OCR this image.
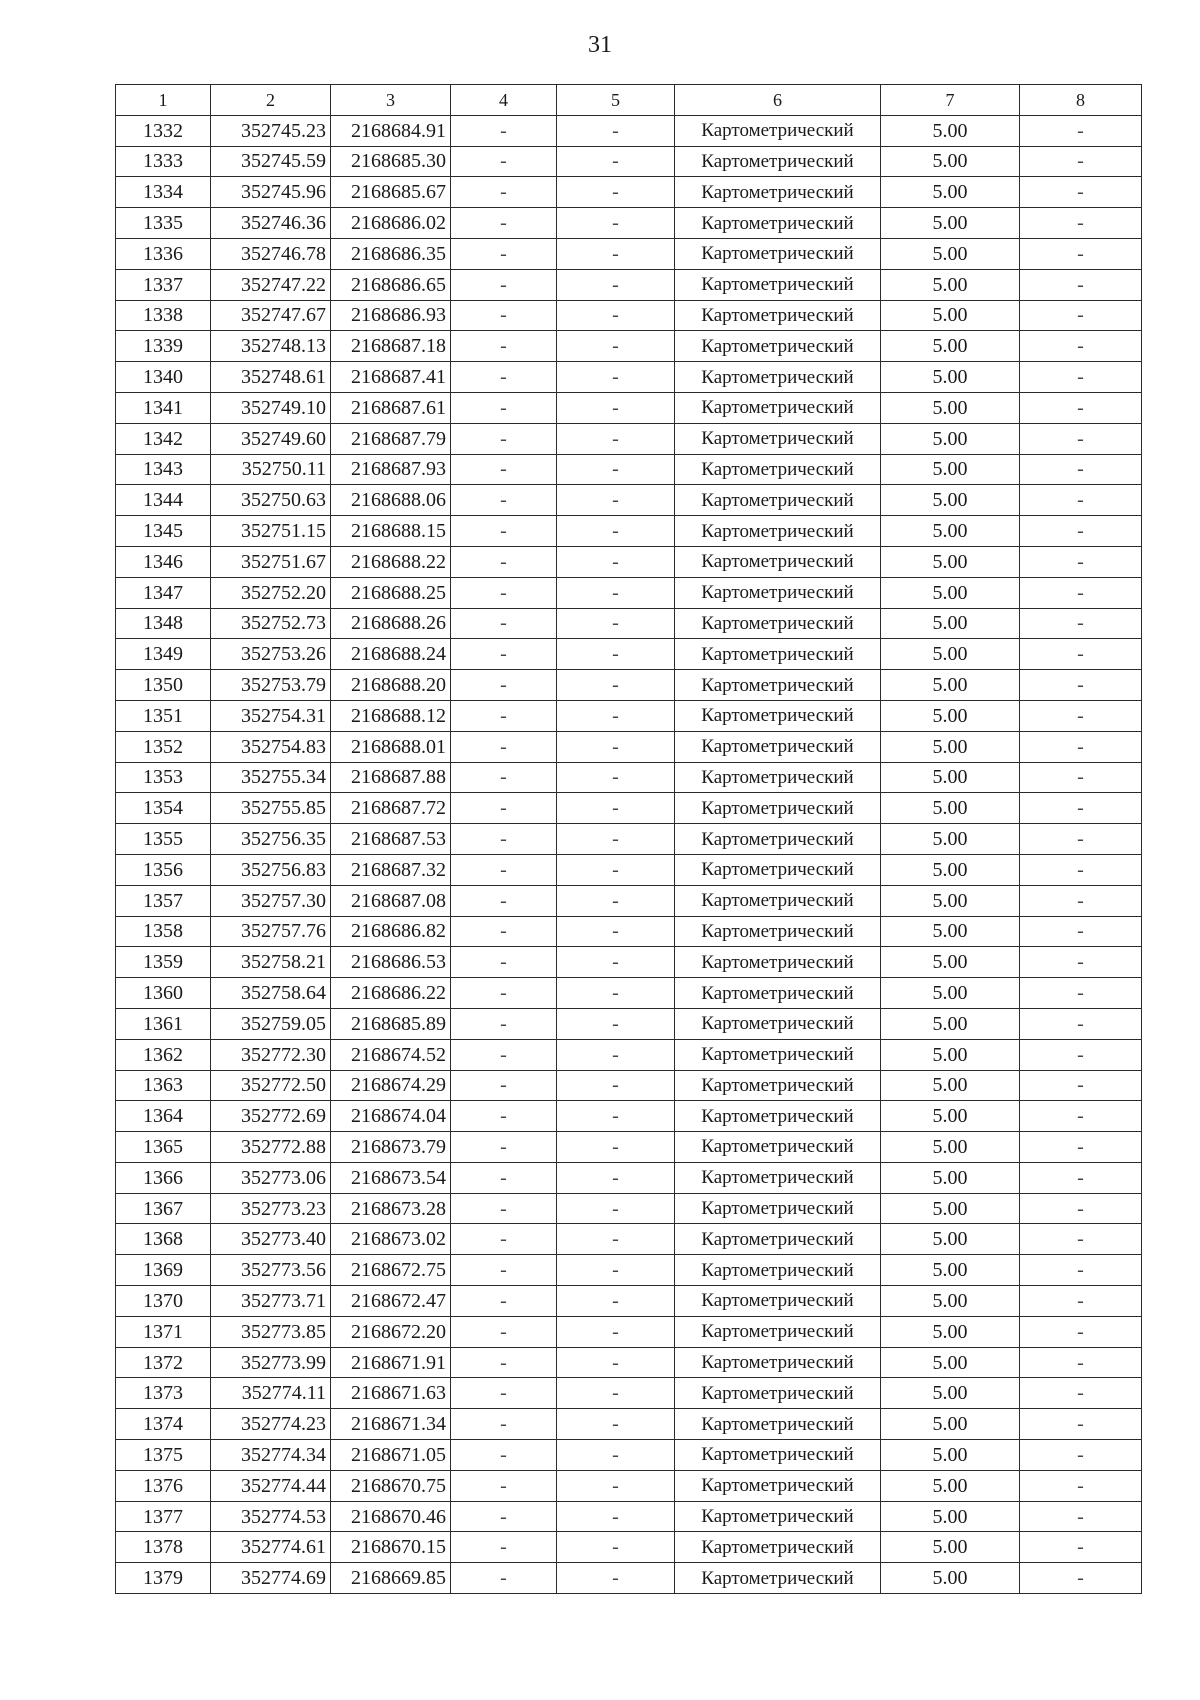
31
1	2	3	4	5	6	7	8
1332	352745.23	2168684.91	-	-	Картометрический	5.00	-
1333	352745.59	2168685.30	-	-	Картометрический	5.00	-
1334	352745.96	2168685.67	-	-	Картометрический	5.00	-
1335	352746.36	2168686.02	-	-	Картометрический	5.00	-
1336	352746.78	2168686.35	-	-	Картометрический	5.00	-
1337	352747.22	2168686.65	-	-	Картометрический	5.00	-
1338	352747.67	2168686.93	-	-	Картометрический	5.00	-
1339	352748.13	2168687.18	-	-	Картометрический	5.00	-
1340	352748.61	2168687.41	-	-	Картометрический	5.00	-
1341	352749.10	2168687.61	-	-	Картометрический	5.00	-
1342	352749.60	2168687.79	-	-	Картометрический	5.00	-
1343	352750.11	2168687.93	-	-	Картометрический	5.00	-
1344	352750.63	2168688.06	-	-	Картометрический	5.00	-
1345	352751.15	2168688.15	-	-	Картометрический	5.00	-
1346	352751.67	2168688.22	-	-	Картометрический	5.00	-
1347	352752.20	2168688.25	-	-	Картометрический	5.00	-
1348	352752.73	2168688.26	-	-	Картометрический	5.00	-
1349	352753.26	2168688.24	-	-	Картометрический	5.00	-
1350	352753.79	2168688.20	-	-	Картометрический	5.00	-
1351	352754.31	2168688.12	-	-	Картометрический	5.00	-
1352	352754.83	2168688.01	-	-	Картометрический	5.00	-
1353	352755.34	2168687.88	-	-	Картометрический	5.00	-
1354	352755.85	2168687.72	-	-	Картометрический	5.00	-
1355	352756.35	2168687.53	-	-	Картометрический	5.00	-
1356	352756.83	2168687.32	-	-	Картометрический	5.00	-
1357	352757.30	2168687.08	-	-	Картометрический	5.00	-
1358	352757.76	2168686.82	-	-	Картометрический	5.00	-
1359	352758.21	2168686.53	-	-	Картометрический	5.00	-
1360	352758.64	2168686.22	-	-	Картометрический	5.00	-
1361	352759.05	2168685.89	-	-	Картометрический	5.00	-
1362	352772.30	2168674.52	-	-	Картометрический	5.00	-
1363	352772.50	2168674.29	-	-	Картометрический	5.00	-
1364	352772.69	2168674.04	-	-	Картометрический	5.00	-
1365	352772.88	2168673.79	-	-	Картометрический	5.00	-
1366	352773.06	2168673.54	-	-	Картометрический	5.00	-
1367	352773.23	2168673.28	-	-	Картометрический	5.00	-
1368	352773.40	2168673.02	-	-	Картометрический	5.00	-
1369	352773.56	2168672.75	-	-	Картометрический	5.00	-
1370	352773.71	2168672.47	-	-	Картометрический	5.00	-
1371	352773.85	2168672.20	-	-	Картометрический	5.00	-
1372	352773.99	2168671.91	-	-	Картометрический	5.00	-
1373	352774.11	2168671.63	-	-	Картометрический	5.00	-
1374	352774.23	2168671.34	-	-	Картометрический	5.00	-
1375	352774.34	2168671.05	-	-	Картометрический	5.00	-
1376	352774.44	2168670.75	-	-	Картометрический	5.00	-
1377	352774.53	2168670.46	-	-	Картометрический	5.00	-
1378	352774.61	2168670.15	-	-	Картометрический	5.00	-
1379	352774.69	2168669.85	-	-	Картометрический	5.00	-
